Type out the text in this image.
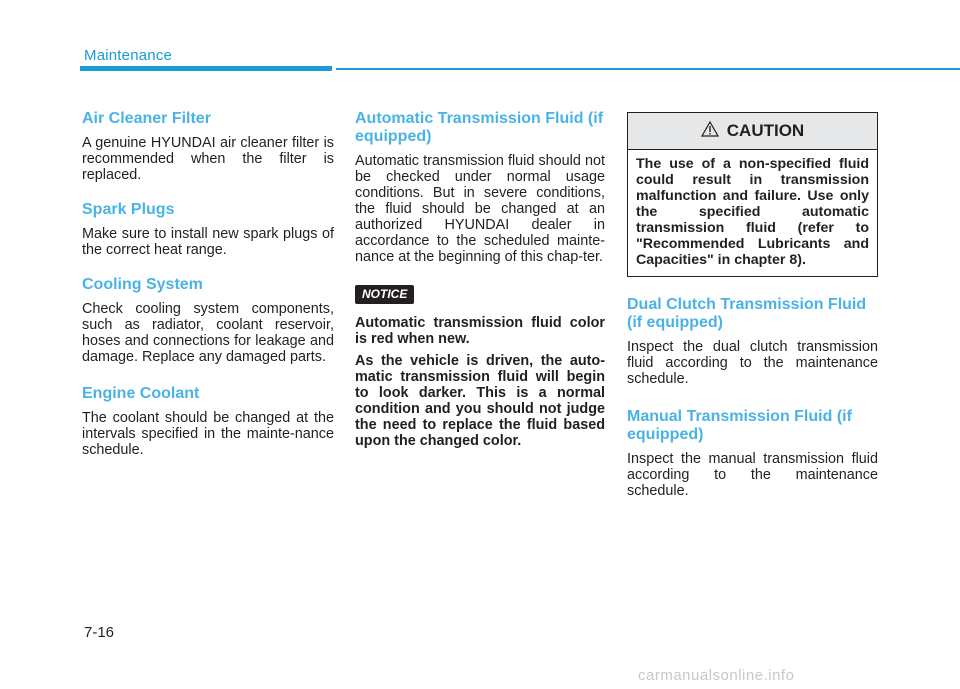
Maintenance
Air Cleaner Filter

A genuine HYUNDAI air cleaner filter is recommended when the filter is replaced.

Spark Plugs

Make sure to install new spark plugs of the correct heat range.

Cooling System

Check cooling system components, such as radiator, coolant reservoir, hoses and connections for leakage and damage. Replace any damaged parts.

Engine Coolant

The coolant should be changed at the intervals specified in the mainte-nance schedule.

Automatic Transmission Fluid (if equipped)

Automatic transmission fluid should not be checked under normal usage conditions. But in severe conditions, the fluid should be changed at an authorized HYUNDAI dealer in accordance to the scheduled mainte-nance at the beginning of this chap-ter.

NOTICE

Automatic transmission fluid color is red when new.

As the vehicle is driven, the auto-matic transmission fluid will begin to look darker. This is a normal condition and you should not judge the need to replace the fluid based upon the changed color.

CAUTION
The use of a non-specified fluid could result in transmission malfunction and failure. Use only the specified automatic transmission fluid (refer to "Recommended Lubricants and Capacities" in chapter 8).
Dual Clutch Transmission Fluid (if equipped)

Inspect the dual clutch transmission fluid according to the maintenance schedule.

Manual Transmission Fluid (if equipped)

Inspect the manual transmission fluid according to the maintenance schedule.

7-16
carmanualsonline.info
